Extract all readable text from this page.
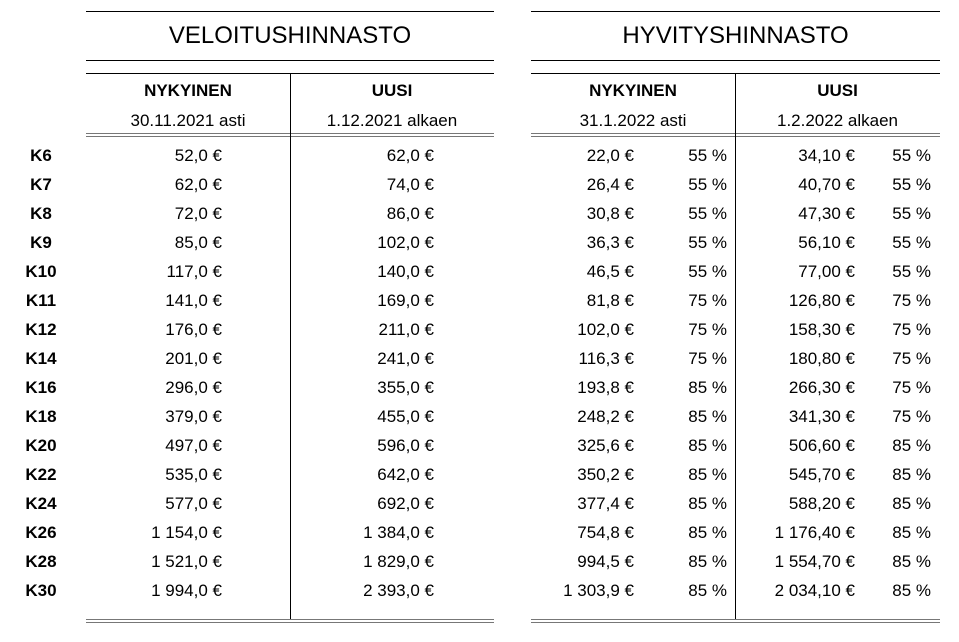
VELOITUSHINNASTO
NYKYINEN
30.11.2021 asti
UUSI
1.12.2021 alkaen
HYVITYSHINNASTO
NYKYINEN
31.1.2022 asti
UUSI
1.2.2022 alkaen
K6	52,0 €	62,0 €	22,0 €	55 %	34,10 € 55 %
K7	62,0 €	74,0 €	26,4 €	55 %	40,70 € 55 %
K8	72,0 €	86,0 €	30,8 €	55 %	47,30 € 55 %
K9	85,0 €	102,0 €	36,3 €	55 %	56,10 € 55 %
K10	117,0 €	140,0 €	46,5 €	55 %	77,00 € 55 %
K11	141,0 €	169,0 €	81,8 €	75 %	126,80 € 75 %
K12	176,0 €	211,0 €	102,0 €	75 %	158,30 € 75 %
K14	201,0 €	241,0 €	116,3 €	75 %	180,80 € 75 %
K16	296,0 €	355,0 €	193,8 €	85 %	266,30 € 75 %
K18	379,0 €	455,0 €	248,2 €	85 %	341,30 € 75 %
K20	497,0 €	596,0 €	325,6 €	85 %	506,60 € 85 %
K22	535,0 €	642,0 €	350,2 €	85 %	545,70 € 85 %
K24	577,0 €	692,0 €	377,4 €	85 %	588,20 € 85 %
K26	1 154,0 €	1 384,0 €	754,8 €	85 %	1 176,40 € 85 %
K28	1 521,0 €	1 829,0 €	994,5 €	85 %	1 554,70 € 85 %
K30	1 994,0 €	2 393,0 €	1 303,9 €	85 %	2 034,10 € 85 %
